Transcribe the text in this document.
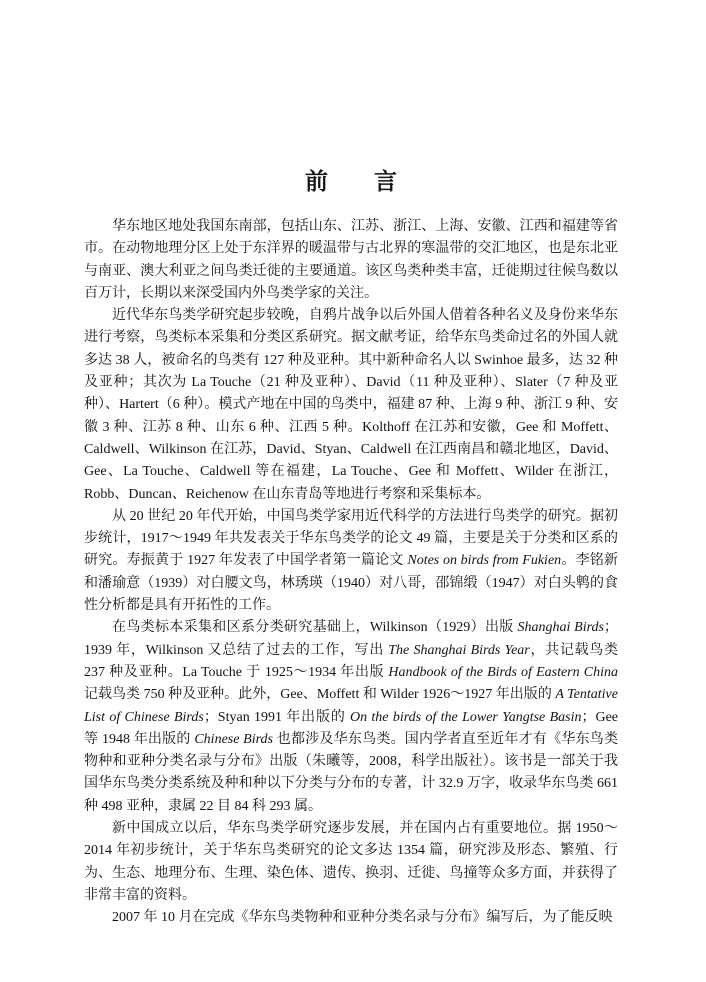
前　　言

华东地区地处我国东南部，包括山东、江苏、浙江、上海、安徽、江西和福建等省市。在动物地理分区上处于东洋界的暖温带与古北界的寒温带的交汇地区，也是东北亚与南亚、澳大利亚之间鸟类迁徙的主要通道。该区鸟类种类丰富，迁徙期过往候鸟数以百万计，长期以来深受国内外鸟类学家的关注。

近代华东鸟类学研究起步较晚，自鸦片战争以后外国人借着各种名义及身份来华东进行考察，鸟类标本采集和分类区系研究。据文献考证，给华东鸟类命过名的外国人就多达 38 人，被命名的鸟类有 127 种及亚种。其中新种命名人以 Swinhoe 最多，达 32 种及亚种；其次为 La Touche（21 种及亚种）、David（11 种及亚种）、Slater（7 种及亚种）、Hartert（6 种）。模式产地在中国的鸟类中，福建 87 种、上海 9 种、浙江 9 种、安徽 3 种、江苏 8 种、山东 6 种、江西 5 种。Kolthoff 在江苏和安徽，Gee 和 Moffett、Caldwell、Wilkinson 在江苏，David、Styan、Caldwell 在江西南昌和赣北地区，David、Gee、La Touche、Caldwell 等在福建，La Touche、Gee 和 Moffett、Wilder 在浙江，Robb、Duncan、Reichenow 在山东青岛等地进行考察和采集标本。

从 20 世纪 20 年代开始，中国鸟类学家用近代科学的方法进行鸟类学的研究。据初步统计，1917～1949 年共发表关于华东鸟类学的论文 49 篇，主要是关于分类和区系的研究。寿振黄于 1927 年发表了中国学者第一篇论文 Notes on birds from Fukien。李铭新和潘瑜意（1939）对白腰文鸟，林琇瑛（1940）对八哥，邵锦缎（1947）对白头鹎的食性分析都是具有开拓性的工作。

在鸟类标本采集和区系分类研究基础上，Wilkinson（1929）出版 Shanghai Birds；1939 年，Wilkinson 又总结了过去的工作，写出 The Shanghai Birds Year，共记载鸟类 237 种及亚种。La Touche 于 1925～1934 年出版 Handbook of the Birds of Eastern China 记载鸟类 750 种及亚种。此外，Gee、Moffett 和 Wilder 1926～1927 年出版的 A Tentative List of Chinese Birds；Styan 1991 年出版的 On the birds of the Lower Yangtse Basin；Gee 等 1948 年出版的 Chinese Birds 也都涉及华东鸟类。国内学者直至近年才有《华东鸟类物种和亚种分类名录与分布》出版（朱曦等，2008，科学出版社）。该书是一部关于我国华东鸟类分类系统及种和种以下分类与分布的专著，计 32.9 万字，收录华东鸟类 661 种 498 亚种，隶属 22 目 84 科 293 属。

新中国成立以后，华东鸟类学研究逐步发展，并在国内占有重要地位。据 1950～2014 年初步统计，关于华东鸟类研究的论文多达 1354 篇，研究涉及形态、繁殖、行为、生态、地理分布、生理、染色体、遗传、换羽、迁徙、鸟撞等众多方面，并获得了非常丰富的资料。

2007 年 10 月在完成《华东鸟类物种和亚种分类名录与分布》编写后，为了能反映
